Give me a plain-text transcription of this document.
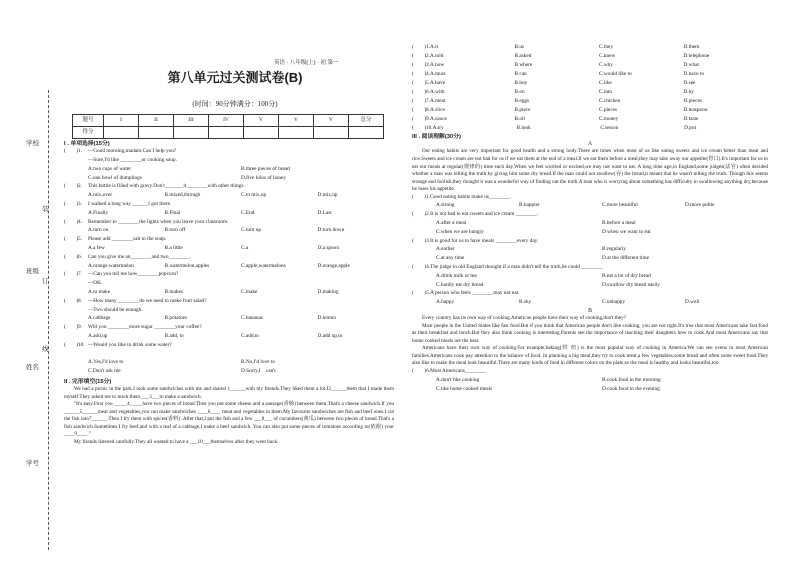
学校
装
班级
订
线
姓名
学号
英语 · 八年级(上) · 初 第一
第八单元过关测试卷(B)
(时间：90分钟满分：100分)
题号	I	II	III	IV	V	V	V	总分
得分								
I . 单项选择(15分)
(　　) 1.	—Good morning,madam.Can I help you?
—Sure,I'd like ________or cooking soup.
A.two cups of water	B.three pieces of bread
C.one bowl of dumplings	D.five kilos of honey
(　　) 2.	This bottle is filled with gravy.Don't_______it________with other things.
A.mix,over	B.mixed,through	C.to mix,up	D.mix,up
(　　) 3.	I walked a long way ______I got there.
A.Finally	B.Final	C.End	D.Last
(　　) 4.	Remember to ________the lights when you leave your classroom.
A.turn on	B.turn off	C.turn up	D.turn down
(　　) 5.	Please add ________salt to the soup.
A.a few	B.a little	C.a	D.a spoon
(　　) 6.	Can you give me an________and two________.
A.orange,watermelon	B.watermelon,apples	C.apple,watermelons	D.orange,apple
(　　) 7.	—Can you tell me how________popcorn?
—OK.
A.to make	B.makes	C.make	D.making
(　　) 8.	—How many ________do we need to make fruit salad?
—Two should be enough.
A.cabbage	B.potatoes	C.bananas	D.lemon
(　　) 9.	Will you ________more sugar ________your coffee?
A.add,up	B.add, to	C.add,to	D.add up,to
(　　) 10. —Would you like to drink some water?
A.Yes,I'd love to	B.No,I'd love to
C.Don't ask me	D.Sorry,I　can't
II . 完形填空(15分)

We had a picnic in the park.I took some sandwiches with me and shared 1______with my friends.They liked them a lot.I2______them that I made them myself.They asked me to teach them ___3___to make a sandwich.

"It's easy.First you _____4_____have two pieces of bread.Then you put some cheese and a sausage(香肠) between them.That's a cheese sandwich.If you ______5______meat and vegetables,you can make sandwiches ____6____ meat and vegetables in them.My favourite sandwiches are fish and beef ones.I cut the fish into7______.Then I fry them with spices(香料) .After that,I put the fish and a few ___8___ of cucumbers(黄瓜) between two pieces of bread.That's a fish sandwich.Sometimes I fry beef,and with a leaf of a cabbage,I make a beef sandwich. You can also put some pieces of tomatoes according to(依据) your ____9____."

My friends listened carefully.They all wanted to have a ___10___themselves after they went back.

(　　) 1. A.it	B.us	C.they	D.them
(　　) 2. A.told	B.asked	C.knew	D.telephone
(　　) 3. A.how	B.where	C.why	D.what
(　　) 4. A.must	B.can	C.would like to	D.have to
(　　) 5. A.have	B.buy	C.like	D.see
(　　) 6. A.with	B.on	C.into	D.by
(　　) 7. A.meat	B.eggs	C.chicken	D.pieces
(　　) 8. A.slice	B.piece	C.pieces	D.teaspoon
(　　) 9. A.sauce	B.oil	C.money	D.taste
(　　) 10. A.try	B.look	C.lesson	D.pot
III . 阅读理解(30分)
A

Our eating habits are very important for good health and a strong body.There are times when most of us like eating sweets and ice cream better than meat and rice.Sweets and ice cream are not bad for us if we eat them at the end of a meal.If we eat them before a meal,they may take away our appetite(胃口).It's important for us to eat our meals at regular(规律的) time each day.When we feel worried or excited,we may not want to eat. A long time ago,in England,some judges(法官) often decided whether a man was telling the truth by giving him some dry bread.If the man could not swallow(吞) the bread,it meant that he wasn't telling the truth. Though this seems strange and foolish,they thought it was a wonderful way of finding out the truth.A man who is worrying about something has difficulty in swallowing anything dry,because he loses his appetite.

(　　)1.Good eating habits make us________.
A.strong	B.happier	C.more beautiful	D.more polite
(　　)2.It is not bad to eat sweets and ice cream ________.
A.after a meal	B.before a meal
C.when we are hungry	D.when we want to eat
(　　)3.It is good for us to have meals ________every day.
A.earlier	B.regularly
C.at any time	D.at the different time
(　　)4.The judge in old England thought if a man didn't tell the truth,he could ________
A.drink milk or tea	B.eat a lot of dry bread
C.hardly eat dry bread	D.swallow dry bread easily
(　　)5.A person who feels ________may not eat.
A.happy	B.shy	C.unhappy	D.well
B

Every country has its own way of cooking.American people have their way of cooking,don't they?

Most people in the United States like fast food.But if you think that American people don't like cooking, you are not right.It's true that most Americans take fast food as their breakfast and lunch.But they also think cooking is interesting.Parents see the importance of teaching their daughters how to cook.And most Americans say that home cooked meals are the best.

Americans have their own way of cooking.For example,baking(烘 焙) is the most popular way of cooking in America.We can see ovens in most American families.Americans cook pay attention to the balance of food. In planning a big meal,they try to cook meat,a few vegetables,some bread and often some sweet food.They also like to make the meal look beautiful.There are many kinds of food in different colors on the plate,so the meal is healthy and looks beautiful,too

(　　)6.Most Americans________
A.don't like cooking	B.cook food in the morning
C.like home cooked meals	D.cook food in the evening
